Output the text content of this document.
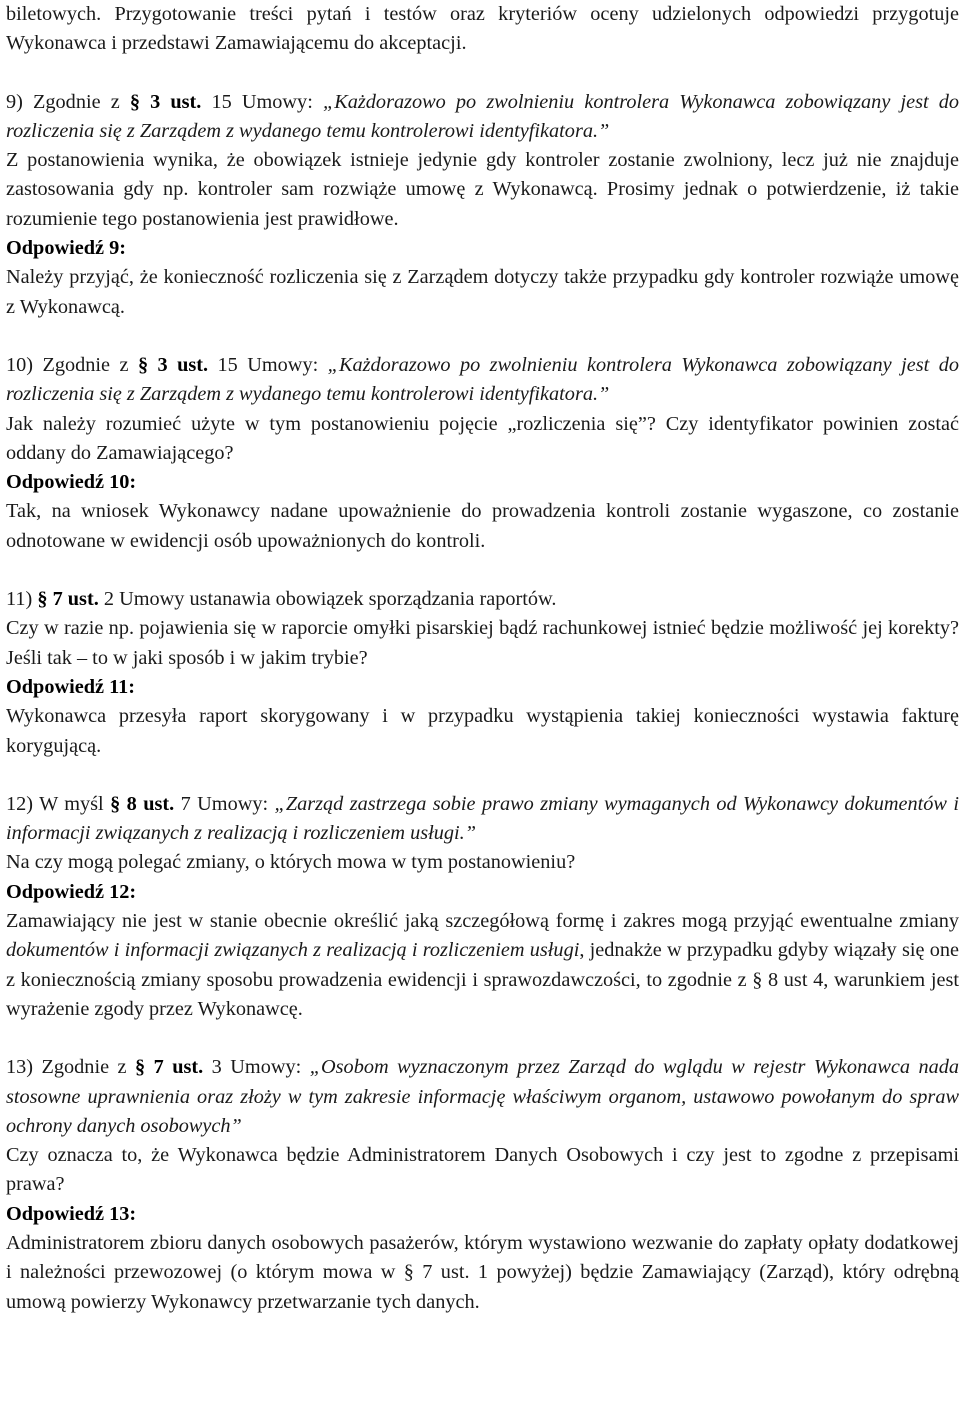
biletowych. Przygotowanie treści pytań i testów oraz kryteriów oceny udzielonych odpowiedzi przygotuje Wykonawca i przedstawi Zamawiającemu do akceptacji.

9) Zgodnie z § 3 ust. 15 Umowy: „Każdorazowo po zwolnieniu kontrolera Wykonawca zobowiązany jest do rozliczenia się z Zarządem z wydanego temu kontrolerowi identyfikatora.”

Z postanowienia wynika, że obowiązek istnieje jedynie gdy kontroler zostanie zwolniony, lecz już nie znajduje zastosowania gdy np. kontroler sam rozwiąże umowę z Wykonawcą. Prosimy jednak o potwierdzenie, iż takie rozumienie tego postanowienia jest prawidłowe.

Odpowiedź 9:

Należy przyjąć, że konieczność rozliczenia się z Zarządem dotyczy także przypadku gdy kontroler rozwiąże umowę z Wykonawcą.

10) Zgodnie z § 3 ust. 15 Umowy: „Każdorazowo po zwolnieniu kontrolera Wykonawca zobowiązany jest do rozliczenia się z Zarządem z wydanego temu kontrolerowi identyfikatora.”

Jak należy rozumieć użyte w tym postanowieniu pojęcie „rozliczenia się”? Czy identyfikator powinien zostać oddany do Zamawiającego?

Odpowiedź 10:

Tak, na wniosek Wykonawcy nadane upoważnienie do prowadzenia kontroli zostanie wygaszone, co zostanie odnotowane w ewidencji osób upoważnionych do kontroli.

11) § 7 ust. 2 Umowy ustanawia obowiązek sporządzania raportów.

Czy w razie np. pojawienia się w raporcie omyłki pisarskiej bądź rachunkowej istnieć będzie możliwość jej korekty? Jeśli tak – to w jaki sposób i w jakim trybie?

Odpowiedź 11:

Wykonawca przesyła raport skorygowany i w przypadku wystąpienia takiej konieczności wystawia fakturę korygującą.

12) W myśl § 8 ust. 7 Umowy: „Zarząd zastrzega sobie prawo zmiany wymaganych od Wykonawcy dokumentów i informacji związanych z realizacją i rozliczeniem usługi.”

Na czy mogą polegać zmiany, o których mowa w tym postanowieniu?

Odpowiedź 12:

Zamawiający nie jest w stanie obecnie określić jaką szczegółową formę i zakres mogą przyjąć ewentualne zmiany dokumentów i informacji związanych z realizacją i rozliczeniem usługi, jednakże w przypadku gdyby wiązały się one z koniecznością zmiany sposobu prowadzenia ewidencji i sprawozdawczości, to zgodnie z § 8 ust 4, warunkiem jest wyrażenie zgody przez Wykonawcę.

13) Zgodnie z § 7 ust. 3 Umowy: „Osobom wyznaczonym przez Zarząd do wglądu w rejestr Wykonawca nada stosowne uprawnienia oraz złoży w tym zakresie informację właściwym organom, ustawowo powołanym do spraw ochrony danych osobowych”

Czy oznacza to, że Wykonawca będzie Administratorem Danych Osobowych i czy jest to zgodne z przepisami prawa?

Odpowiedź 13:

Administratorem zbioru danych osobowych pasażerów, którym wystawiono wezwanie do zapłaty opłaty dodatkowej i należności przewozowej (o którym mowa w § 7 ust. 1 powyżej) będzie Zamawiający (Zarząd), który odrębną umową powierzy Wykonawcy przetwarzanie tych danych.
